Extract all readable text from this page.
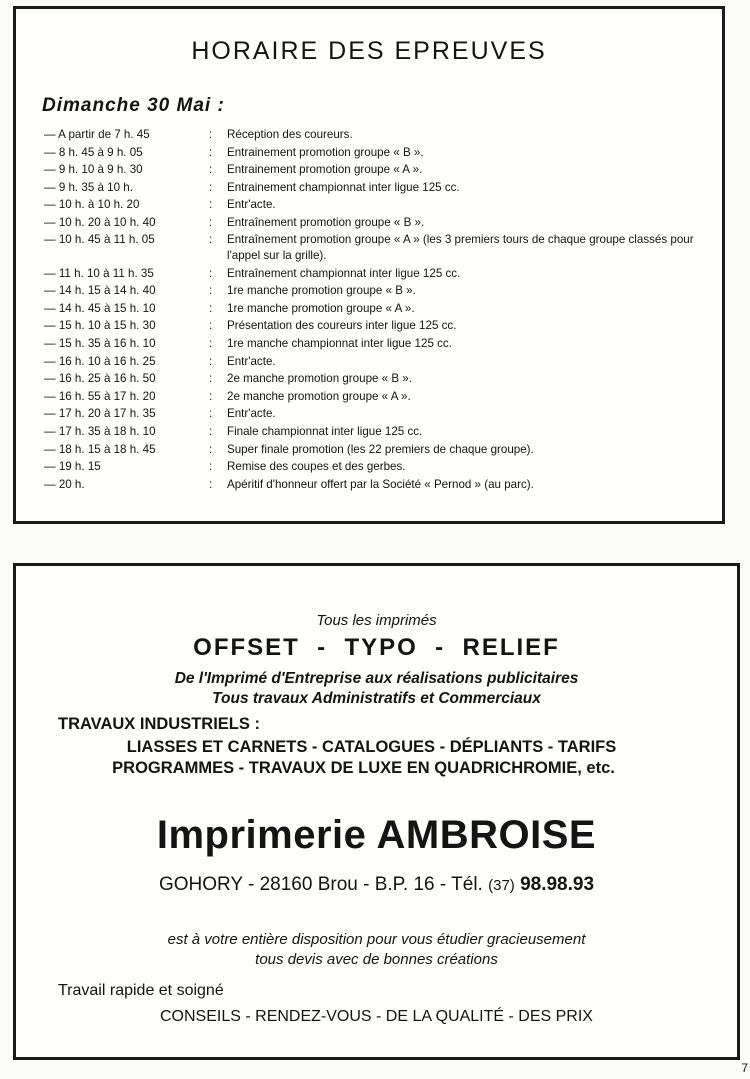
HORAIRE DES EPREUVES
Dimanche 30 Mai :
— A partir de 7 h. 45	:	Réception des coureurs.
— 8 h. 45 à 9 h. 05	:	Entrainement promotion groupe « B ».
— 9 h. 10 à 9 h. 30	:	Entrainement promotion groupe « A ».
— 9 h. 35 à 10 h.	:	Entrainement championnat inter ligue 125 cc.
— 10 h. à 10 h. 20	:	Entr'acte.
— 10 h. 20 à 10 h. 40	:	Entraînement promotion groupe « B ».
— 10 h. 45 à 11 h. 05	:	Entraînement promotion groupe « A » (les 3 premiers tours de chaque groupe classés pour l'appel sur la grille).
— 11 h. 10 à 11 h. 35	:	Entraînement championnat inter ligue 125 cc.
— 14 h. 15 à 14 h. 40	:	1re manche promotion groupe « B ».
— 14 h. 45 à 15 h. 10	:	1re manche promotion groupe « A ».
— 15 h. 10 à 15 h. 30	:	Présentation des coureurs inter ligue 125 cc.
— 15 h. 35 à 16 h. 10	:	1re manche championnat inter ligue 125 cc.
— 16 h. 10 à 16 h. 25	:	Entr'acte.
— 16 h. 25 à 16 h. 50	:	2e manche promotion groupe « B ».
— 16 h. 55 à 17 h. 20	:	2e manche promotion groupe « A ».
— 17 h. 20 à 17 h. 35	:	Entr'acte.
— 17 h. 35 à 18 h. 10	:	Finale championnat inter ligue 125 cc.
— 18 h. 15 à 18 h. 45	:	Super finale promotion (les 22 premiers de chaque groupe).
— 19 h. 15	:	Remise des coupes et des gerbes.
— 20 h.	:	Apéritif d'honneur offert par la Société « Pernod » (au parc).
Tous les imprimés
OFFSET  -  TYPO  -  RELIEF
De l'Imprimé d'Entreprise aux réalisations publicitaires
Tous travaux Administratifs et Commerciaux
TRAVAUX INDUSTRIELS :
LIASSES ET CARNETS - CATALOGUES - DÉPLIANTS - TARIFS
PROGRAMMES - TRAVAUX DE LUXE EN QUADRICHROMIE, etc.
Imprimerie AMBROISE
GOHORY - 28160 Brou - B.P. 16 - Tél. (37) 98.98.93
est à votre entière disposition pour vous étudier gracieusement
tous devis avec de bonnes créations
Travail rapide et soigné
CONSEILS - RENDEZ-VOUS - DE LA QUALITÉ - DES PRIX
7
